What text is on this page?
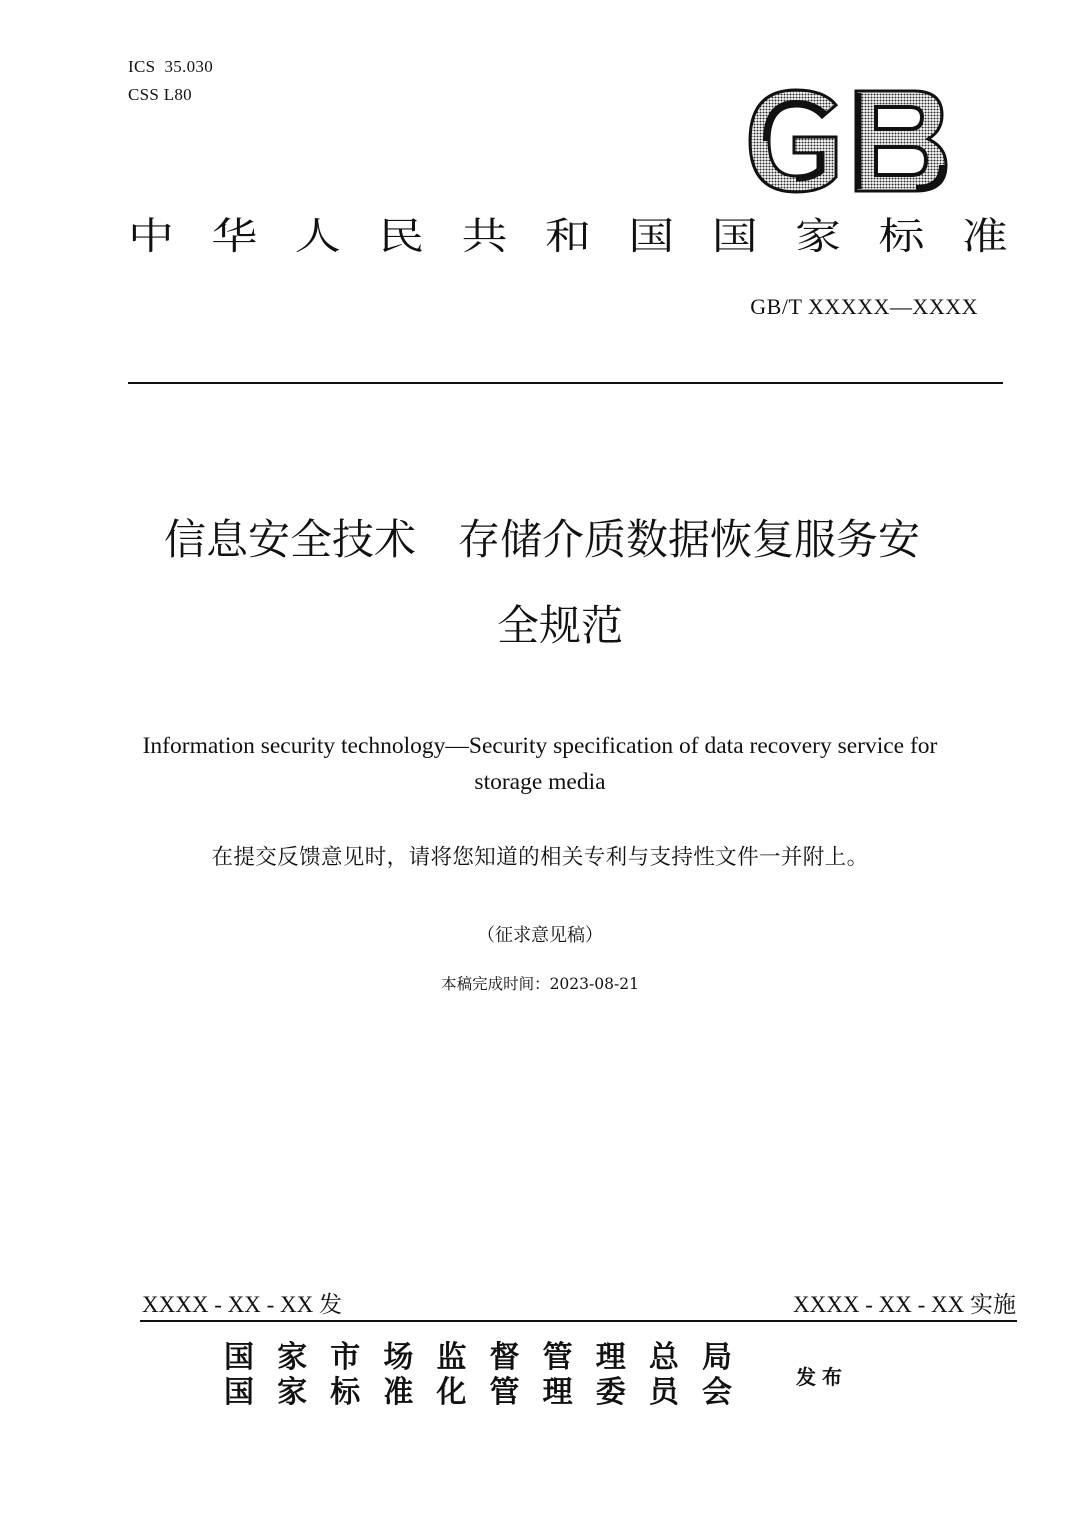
ICS  35.030
CSS L80
中 华 人 民 共 和 国 国 家 标 准
GB/T XXXXX—XXXX
信息安全技术　存储介质数据恢复服务安
全规范
Information security technology—Security specification of data recovery service for
storage media
在提交反馈意见时，请将您知道的相关专利与支持性文件一并附上。
（征求意见稿）
本稿完成时间：2023-08-21
XXXX - XX - XX 发	XXXX - XX - XX 实施
国 家 市 场 监 督 管 理 总 局
国 家 标 准 化 管 理 委 员 会	发布
